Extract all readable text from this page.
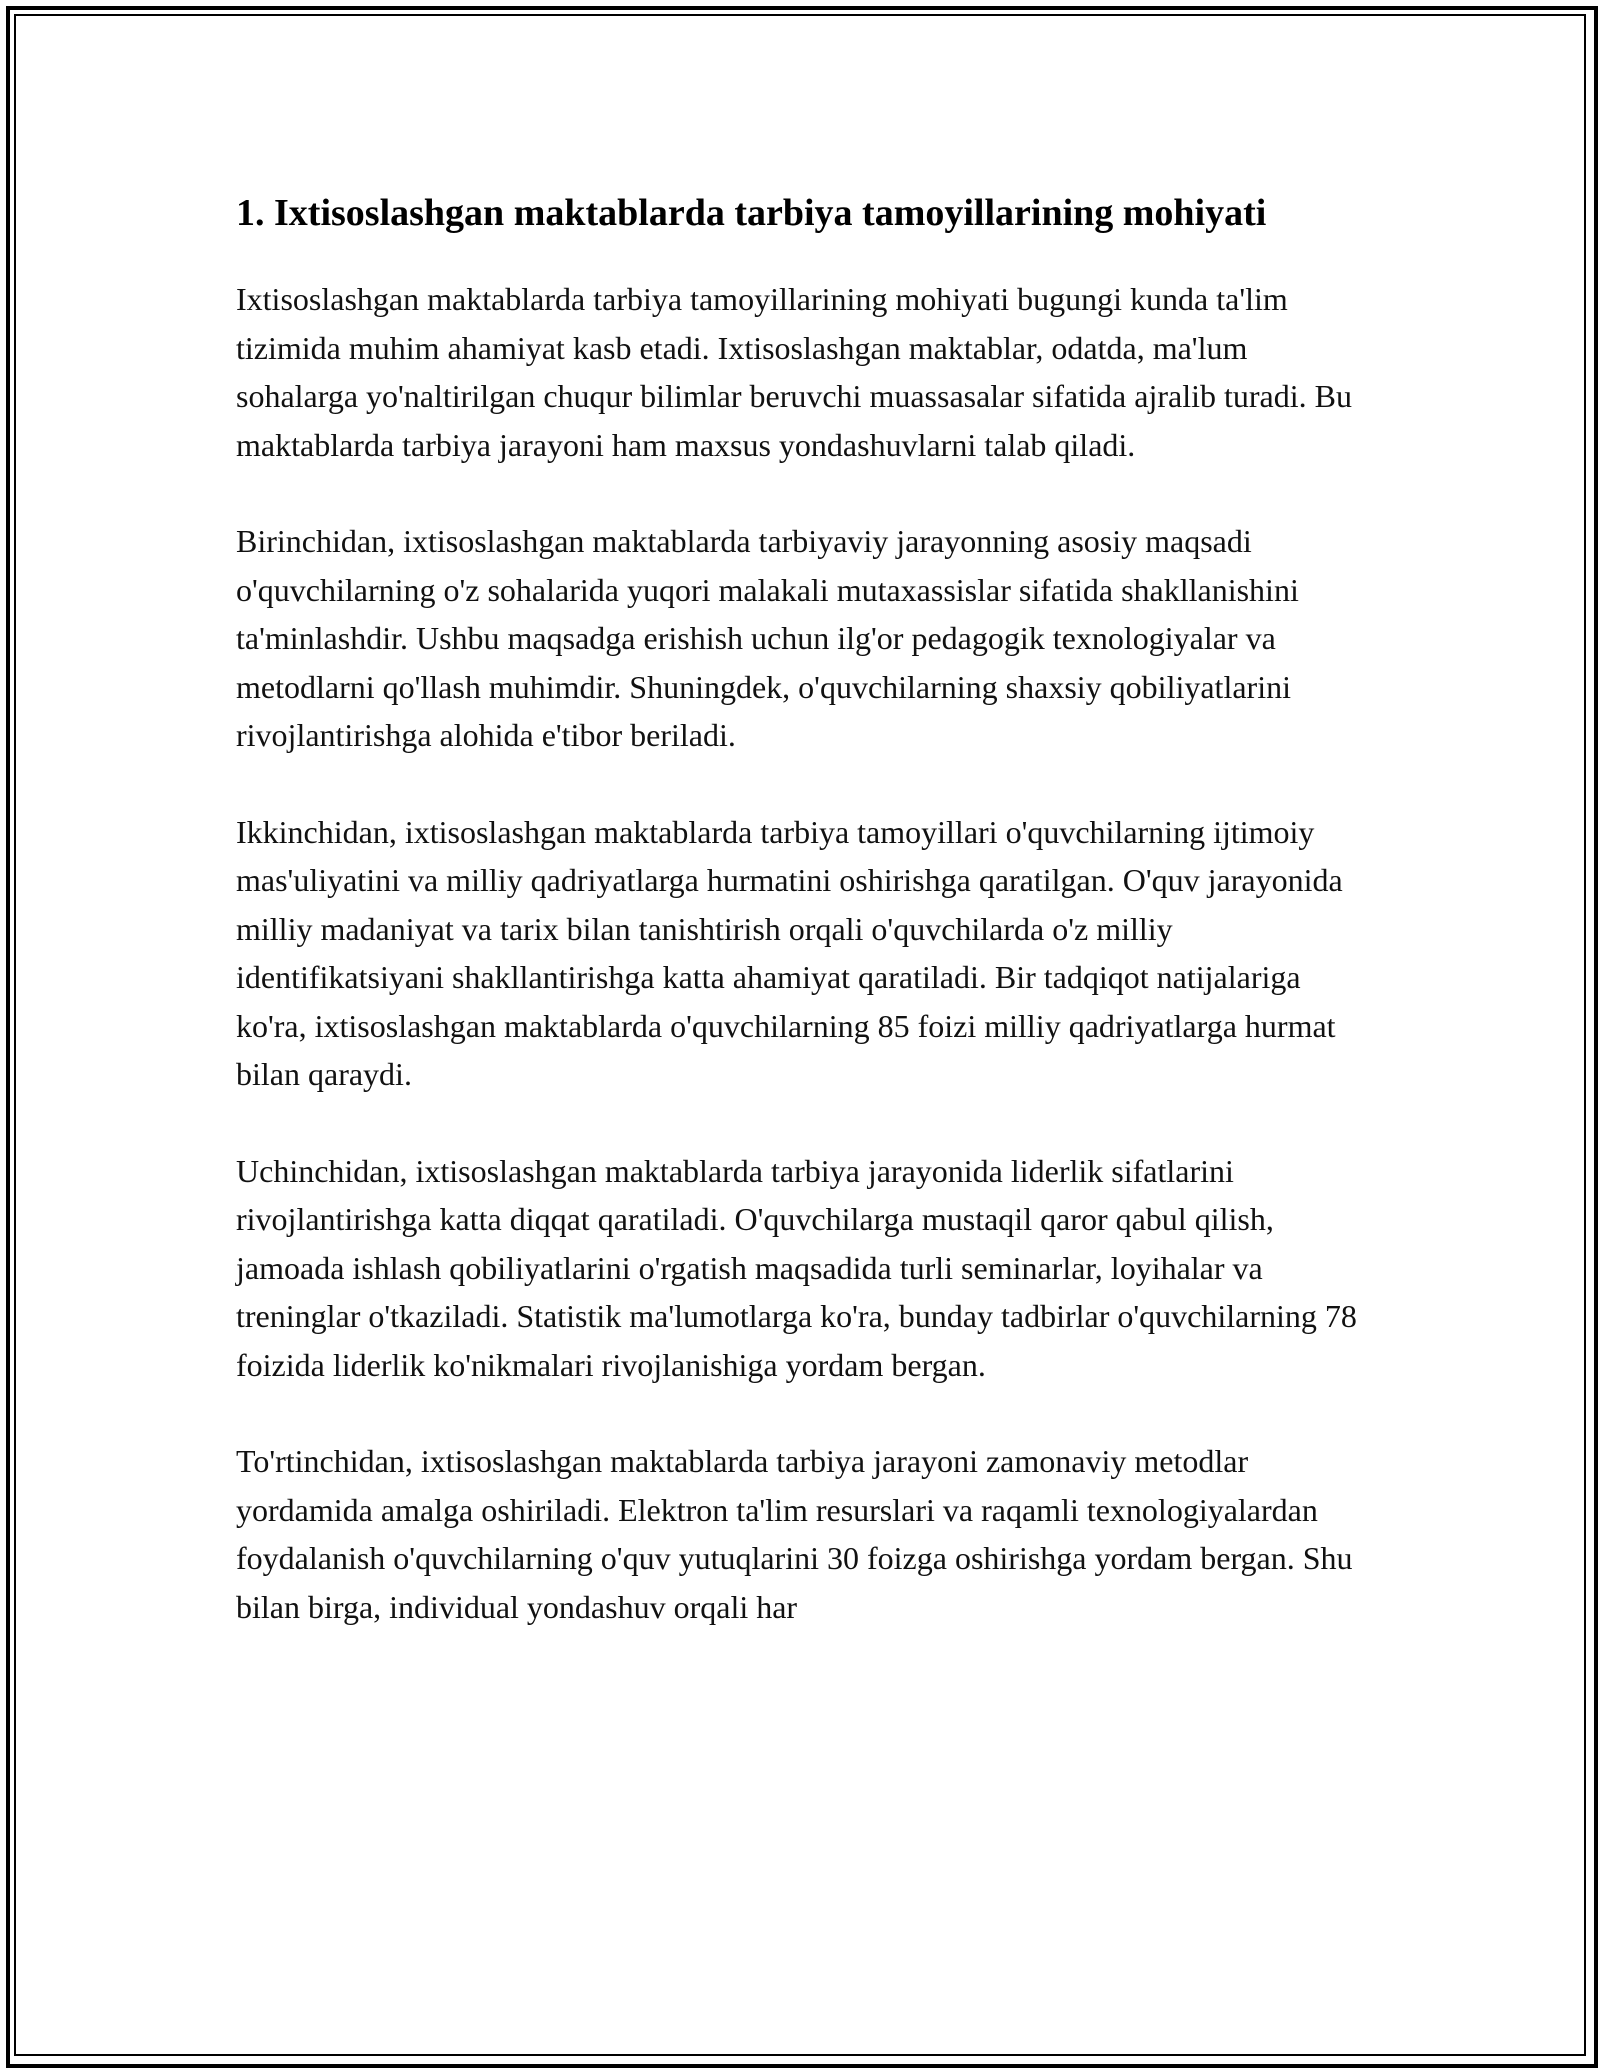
1. Ixtisoslashgan maktablarda tarbiya tamoyillarining mohiyati

Ixtisoslashgan maktablarda tarbiya tamoyillarining mohiyati bugungi kunda ta'lim tizimida muhim ahamiyat kasb etadi. Ixtisoslashgan maktablar, odatda, ma'lum sohalarga yo'naltirilgan chuqur bilimlar beruvchi muassasalar sifatida ajralib turadi. Bu maktablarda tarbiya jarayoni ham maxsus yondashuvlarni talab qiladi.

Birinchidan, ixtisoslashgan maktablarda tarbiyaviy jarayonning asosiy maqsadi o'quvchilarning o'z sohalarida yuqori malakali mutaxassislar sifatida shakllanishini ta'minlashdir. Ushbu maqsadga erishish uchun ilg'or pedagogik texnologiyalar va metodlarni qo'llash muhimdir. Shuningdek, o'quvchilarning shaxsiy qobiliyatlarini rivojlantirishga alohida e'tibor beriladi.

Ikkinchidan, ixtisoslashgan maktablarda tarbiya tamoyillari o'quvchilarning ijtimoiy mas'uliyatini va milliy qadriyatlarga hurmatini oshirishga qaratilgan. O'quv jarayonida milliy madaniyat va tarix bilan tanishtirish orqali o'quvchilarda o'z milliy identifikatsiyani shakllantirishga katta ahamiyat qaratiladi. Bir tadqiqot natijalariga ko'ra, ixtisoslashgan maktablarda o'quvchilarning 85 foizi milliy qadriyatlarga hurmat bilan qaraydi.

Uchinchidan, ixtisoslashgan maktablarda tarbiya jarayonida liderlik sifatlarini rivojlantirishga katta diqqat qaratiladi. O'quvchilarga mustaqil qaror qabul qilish, jamoada ishlash qobiliyatlarini o'rgatish maqsadida turli seminarlar, loyihalar va treninglar o'tkaziladi. Statistik ma'lumotlarga ko'ra, bunday tadbirlar o'quvchilarning 78 foizida liderlik ko'nikmalari rivojlanishiga yordam bergan.

To'rtinchidan, ixtisoslashgan maktablarda tarbiya jarayoni zamonaviy metodlar yordamida amalga oshiriladi. Elektron ta'lim resurslari va raqamli texnologiyalardan foydalanish o'quvchilarning o'quv yutuqlarini 30 foizga oshirishga yordam bergan. Shu bilan birga, individual yondashuv orqali har
